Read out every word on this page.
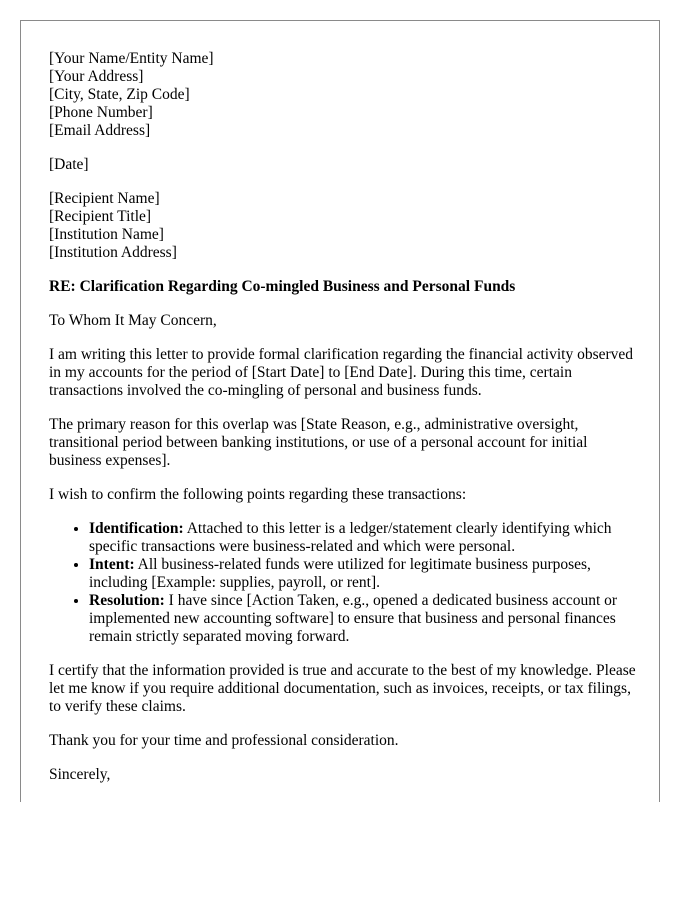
[Your Name/Entity Name]
[Your Address]
[City, State, Zip Code]
[Phone Number]
[Email Address]
[Date]
[Recipient Name]
[Recipient Title]
[Institution Name]
[Institution Address]
RE: Clarification Regarding Co-mingled Business and Personal Funds

To Whom It May Concern,

I am writing this letter to provide formal clarification regarding the financial activity observed in my accounts for the period of [Start Date] to [End Date]. During this time, certain transactions involved the co-mingling of personal and business funds.

The primary reason for this overlap was [State Reason, e.g., administrative oversight, transitional period between banking institutions, or use of a personal account for initial business expenses].

I wish to confirm the following points regarding these transactions:

• Identification: Attached to this letter is a ledger/statement clearly identifying which specific transactions were business-related and which were personal.
• Intent: All business-related funds were utilized for legitimate business purposes, including [Example: supplies, payroll, or rent].
• Resolution: I have since [Action Taken, e.g., opened a dedicated business account or implemented new accounting software] to ensure that business and personal finances remain strictly separated moving forward.

I certify that the information provided is true and accurate to the best of my knowledge. Please let me know if you require additional documentation, such as invoices, receipts, or tax filings, to verify these claims.

Thank you for your time and professional consideration.

Sincerely,
